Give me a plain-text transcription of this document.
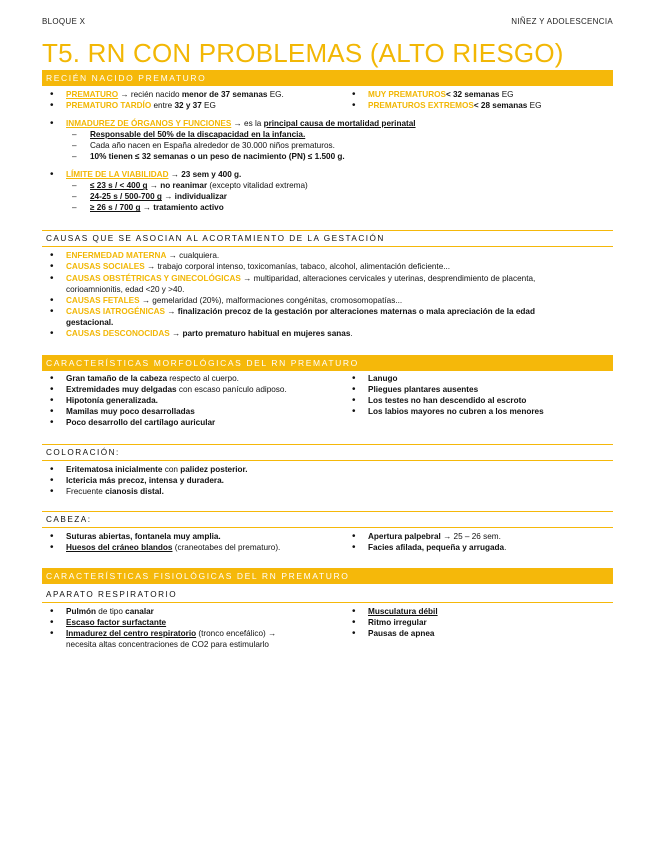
BLOQUE X	NIÑEZ Y ADOLESCENCIA
T5. RN CON PROBLEMAS (ALTO RIESGO)
RECIÉN NACIDO PREMATURO
• PREMATURO → recién nacido menor de 37 semanas EG.
• PREMATURO TARDÍO entre 32 y 37 EG
• MUY PREMATUROS< 32 semanas EG
• PREMATUROS EXTREMOS< 28 semanas EG
• INMADUREZ DE ÓRGANOS Y FUNCIONES → es la principal causa de mortalidad perinatal
– Responsable del 50% de la discapacidad en la infancia.
– Cada año nacen en España alrededor de 30.000 niños prematuros.
– 10% tienen ≤ 32 semanas o un peso de nacimiento (PN) ≤ 1.500 g.
• LÍMITE DE LA VIABILIDAD → 23 sem y 400 g.
– ≤ 23 s / < 400 g → no reanimar (excepto vitalidad extrema)
– 24-25 s / 500-700 g → individualizar
– ≥ 26 s / 700 g → tratamiento activo
CAUSAS QUE SE ASOCIAN AL ACORTAMIENTO DE LA GESTACIÓN
• ENFERMEDAD MATERNA → cualquiera.
• CAUSAS SOCIALES → trabajo corporal intenso, toxicomanías, tabaco, alcohol, alimentación deficiente...
• CAUSAS OBSTÉTRICAS Y GINECOLÓGICAS → multiparidad, alteraciones cervicales y uterinas, desprendimiento de placenta,
corioamnionitis, edad <20 y >40.
• CAUSAS FETALES → gemelaridad (20%), malformaciones congénitas, cromosomopatías...
• CAUSAS IATROGÉNICAS → finalización precoz de la gestación por alteraciones maternas o mala apreciación de la edad
gestacional.
• CAUSAS DESCONOCIDAS → parto prematuro habitual en mujeres sanas.
CARACTERÍSTICAS MORFOLÓGICAS DEL RN PREMATURO
• Gran tamaño de la cabeza respecto al cuerpo.
• Extremidades muy delgadas con escaso panículo adiposo.
• Hipotonía generalizada.
• Mamilas muy poco desarrolladas
• Poco desarrollo del cartílago auricular
• Lanugo
• Pliegues plantares ausentes
• Los testes no han descendido al escroto
• Los labios mayores no cubren a los menores
COLORACIÓN:
• Eritematosa inicialmente con palidez posterior.
• Ictericia más precoz, intensa y duradera.
• Frecuente cianosis distal.
CABEZA:
• Suturas abiertas, fontanela muy amplia.
• Huesos del cráneo blandos (craneotabes del prematuro).
• Apertura palpebral → 25 – 26 sem.
• Facies afilada, pequeña y arrugada.
CARACTERÍSTICAS FISIOLÓGICAS DEL RN PREMATURO
APARATO RESPIRATORIO
• Pulmón de tipo canalar
• Escaso factor surfactante
• Inmadurez del centro respiratorio (tronco encefálico) →
necesita altas concentraciones de CO2 para estimularlo
• Musculatura débil
• Ritmo irregular
• Pausas de apnea
